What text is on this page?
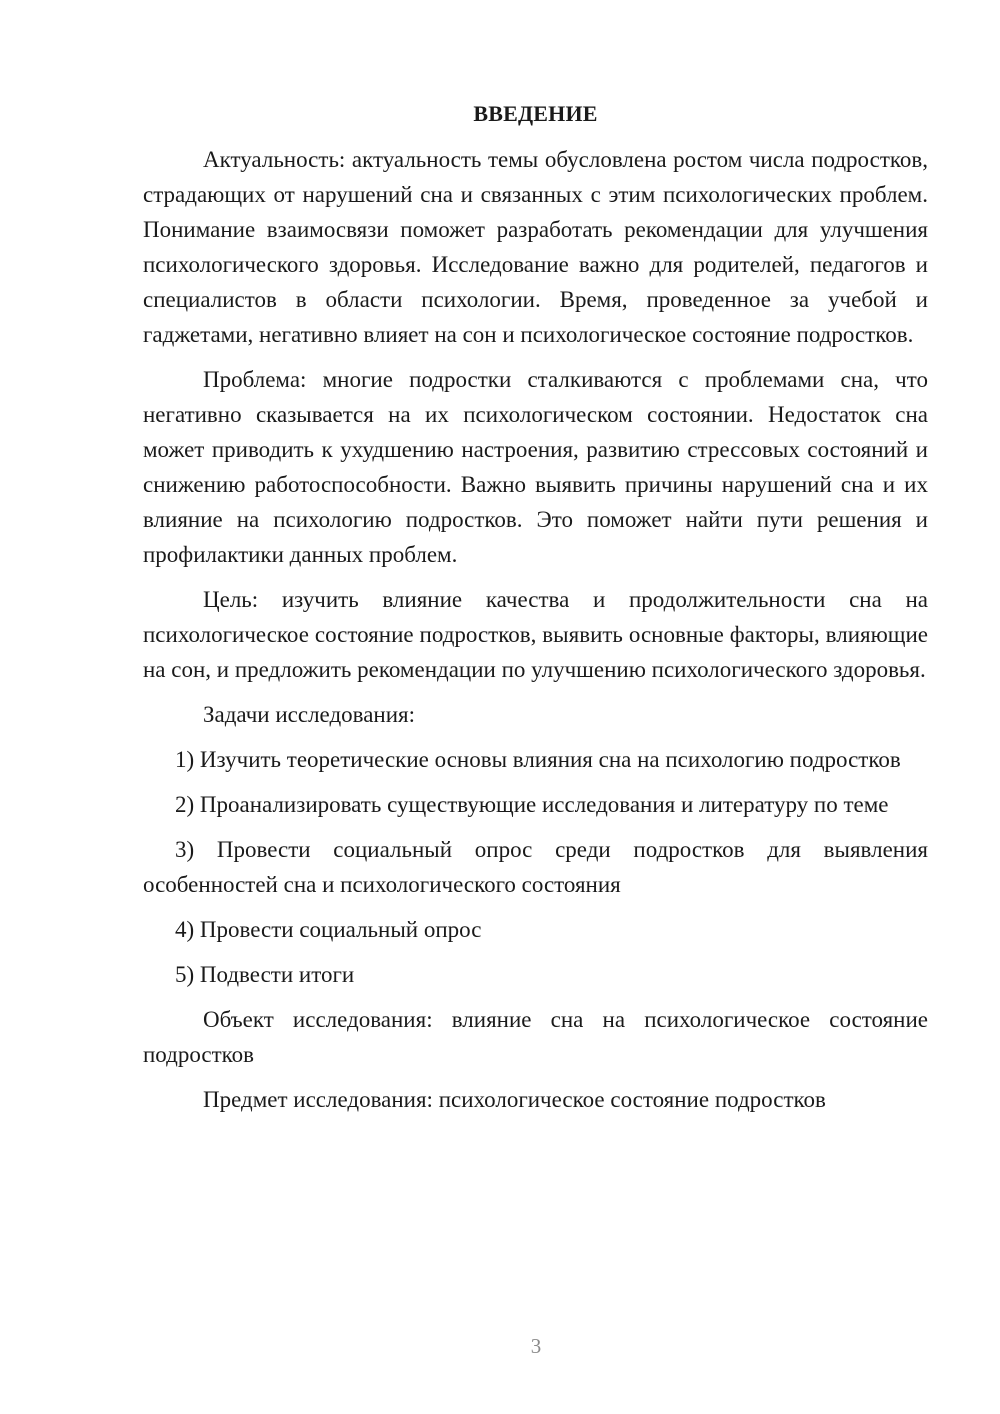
ВВЕДЕНИЕ

Актуальность: актуальность темы обусловлена ростом числа подростков, страдающих от нарушений сна и связанных с этим психологических проблем. Понимание взаимосвязи поможет разработать рекомендации для улучшения психологического здоровья. Исследование важно для родителей, педагогов и специалистов в области психологии. Время, проведенное за учебой и гаджетами, негативно влияет на сон и психологическое состояние подростков.

Проблема: многие подростки сталкиваются с проблемами сна, что негативно сказывается на их психологическом состоянии. Недостаток сна может приводить к ухудшению настроения, развитию стрессовых состояний и снижению работоспособности. Важно выявить причины нарушений сна и их влияние на психологию подростков. Это поможет найти пути решения и профилактики данных проблем.

Цель: изучить влияние качества и продолжительности сна на психологическое состояние подростков, выявить основные факторы, влияющие на сон, и предложить рекомендации по улучшению психологического здоровья.

Задачи исследования:

1) Изучить теоретические основы влияния сна на психологию подростков

2) Проанализировать существующие исследования и литературу по теме

3) Провести социальный опрос среди подростков для выявления особенностей сна и психологического состояния

4) Провести социальный опрос

5) Подвести итоги

Объект исследования: влияние сна на психологическое состояние подростков

Предмет исследования: психологическое состояние подростков

3
